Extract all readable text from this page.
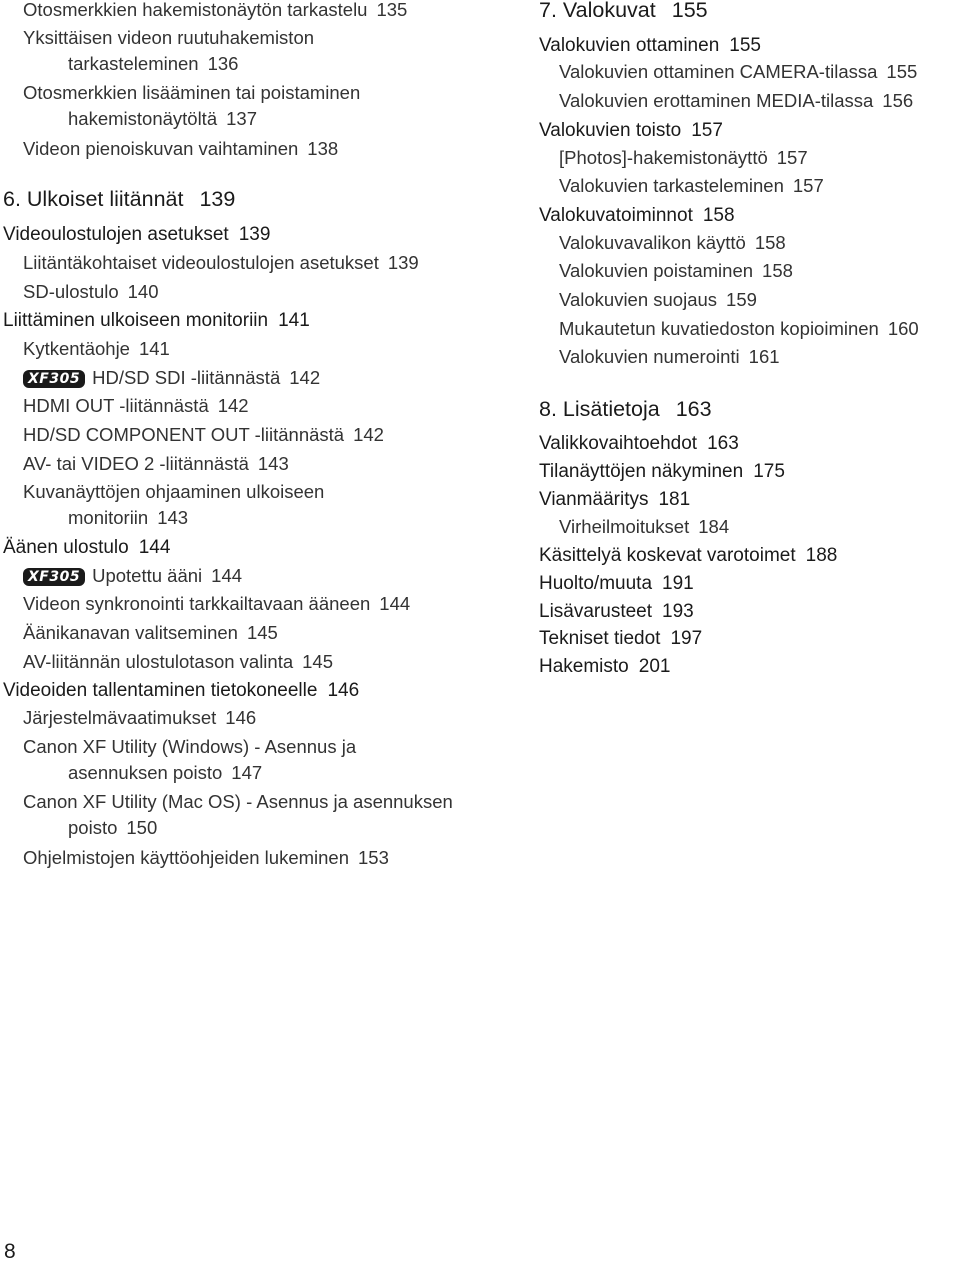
Otosmerkkien hakemistonäytön tarkastelu 135
Yksittäisen videon ruutuhakemiston
tarkasteleminen 136
Otosmerkkien lisääminen tai poistaminen
hakemistonäytöltä 137
Videon pienoiskuvan vaihtaminen 138
6. Ulkoiset liitännät 139
Videoulostulojen asetukset 139
Liitäntäkohtaiset videoulostulojen asetukset 139
SD-ulostulo 140
Liittäminen ulkoiseen monitoriin 141
Kytkentäohje 141
XF305 HD/SD SDI -liitännästä 142
HDMI OUT -liitännästä 142
HD/SD COMPONENT OUT -liitännästä 142
AV- tai VIDEO 2 -liitännästä 143
Kuvanäyttöjen ohjaaminen ulkoiseen
monitoriin 143
Äänen ulostulo 144
XF305 Upotettu ääni 144
Videon synkronointi tarkkailtavaan ääneen 144
Äänikanavan valitseminen 145
AV-liitännän ulostulotason valinta 145
Videoiden tallentaminen tietokoneelle 146
Järjestelmävaatimukset 146
Canon XF Utility (Windows) - Asennus ja
asennuksen poisto 147
Canon XF Utility (Mac OS) - Asennus ja asennuksen
poisto 150
Ohjelmistojen käyttöohjeiden lukeminen 153
7. Valokuvat 155
Valokuvien ottaminen 155
Valokuvien ottaminen CAMERA-tilassa 155
Valokuvien erottaminen MEDIA-tilassa 156
Valokuvien toisto 157
[Photos]-hakemistonäyttö 157
Valokuvien tarkasteleminen 157
Valokuvatoiminnot 158
Valokuvavalikon käyttö 158
Valokuvien poistaminen 158
Valokuvien suojaus 159
Mukautetun kuvatiedoston kopioiminen 160
Valokuvien numerointi 161
8. Lisätietoja 163
Valikkovaihtoehdot 163
Tilanäyttöjen näkyminen 175
Vianmääritys 181
Virheilmoitukset 184
Käsittelyä koskevat varotoimet 188
Huolto/muuta 191
Lisävarusteet 193
Tekniset tiedot 197
Hakemisto 201
8
